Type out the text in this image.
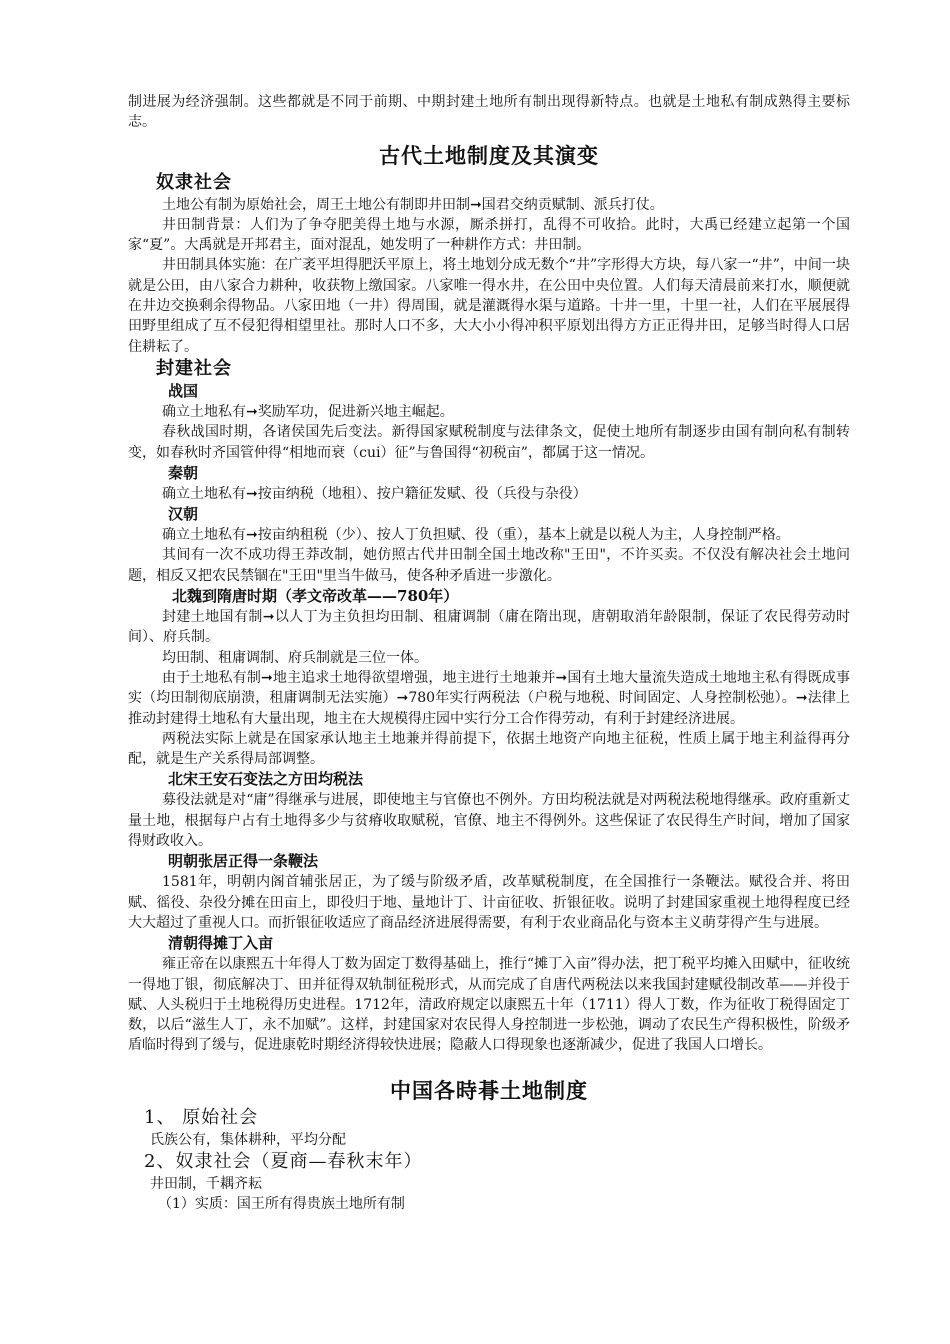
制进展为经济强制。这些都就是不同于前期、中期封建土地所有制出现得新特点。也就是土地私有制成熟得主要标志。

古代土地制度及其演变
奴隶社会

土地公有制为原始社会，周王土地公有制即井田制➞国君交纳贡赋制、派兵打仗。

井田制背景：人们为了争夺肥美得土地与水源，厮杀拼打，乱得不可收拾。此时，大禹已经建立起第一个国家“夏”。大禹就是开邦君主，面对混乱，她发明了一种耕作方式：井田制。

井田制具体实施：在广袤平坦得肥沃平原上，将土地划分成无数个“井”字形得大方块，每八家一“井”，中间一块就是公田，由八家合力耕种，收获物上缴国家。八家唯一得水井，在公田中央位置。人们每天清晨前来打水，顺便就在井边交换剩余得物品。八家田地（一井）得周围，就是灌溉得水渠与道路。十井一里，十里一社，人们在平展展得田野里组成了互不侵犯得相望里社。那时人口不多，大大小小得冲积平原划出得方方正正得井田，足够当时得人口居住耕耘了。

封建社会
战国

确立土地私有➞奖励军功，促进新兴地主崛起。

春秋战国时期，各诸侯国先后变法。新得国家赋税制度与法律条文，促使土地所有制逐步由国有制向私有制转变，如春秋时齐国管仲得“相地而衰（cui）征”与鲁国得“初税亩”，都属于这一情况。

秦朝

确立土地私有➞按亩纳税（地租）、按户籍征发赋、役（兵役与杂役）

汉朝

确立土地私有➞按亩纳租税（少）、按人丁负担赋、役（重），基本上就是以税人为主，人身控制严格。

其间有一次不成功得王莽改制，她仿照古代井田制全国土地改称"王田"，不许买卖。不仅没有解决社会土地问题，相反又把农民禁锢在"王田"里当牛做马，使各种矛盾进一步激化。

北魏到隋唐时期（孝文帝改革——780年）

封建土地国有制➞以人丁为主负担均田制、租庸调制（庸在隋出现，唐朝取消年龄限制，保证了农民得劳动时间）、府兵制。

均田制、租庸调制、府兵制就是三位一体。

由于土地私有制➞地主追求土地得欲望增强，地主进行土地兼并➞国有土地大量流失造成土地地主私有得既成事实（均田制彻底崩溃，租庸调制无法实施）➞780年实行两税法（户税与地税、时间固定、人身控制松弛）。➞法律上推动封建得土地私有大量出现，地主在大规模得庄园中实行分工合作得劳动，有利于封建经济进展。

两税法实际上就是在国家承认地主土地兼并得前提下，依据土地资产向地主征税，性质上属于地主利益得再分配，就是生产关系得局部调整。

北宋王安石变法之方田均税法

募役法就是对“庸”得继承与进展，即使地主与官僚也不例外。方田均税法就是对两税法税地得继承。政府重新丈量土地，根据每户占有土地得多少与贫瘠收取赋税，官僚、地主不得例外。这些保证了农民得生产时间，增加了国家得财政收入。

明朝张居正得一条鞭法

1581年，明朝内阁首辅张居正，为了缓与阶级矛盾，改革赋税制度，在全国推行一条鞭法。赋役合并、将田赋、徭役、杂役分摊在田亩上，即役归于地、量地计丁、计亩征收、折银征收。说明了封建国家重视土地得程度已经大大超过了重视人口。而折银征收适应了商品经济进展得需要，有利于农业商品化与资本主义萌芽得产生与进展。

清朝得摊丁入亩

雍正帝在以康熙五十年得人丁数为固定丁数得基础上，推行“摊丁入亩”得办法，把丁税平均摊入田赋中，征收统一得地丁银，彻底解决丁、田并征得双轨制征税形式，从而完成了自唐代两税法以来我国封建赋役制改革——并役于赋、人头税归于土地税得历史进程。1712年，清政府规定以康熙五十年（1711）得人丁数，作为征收丁税得固定丁数，以后“滋生人丁，永不加赋”。这样，封建国家对农民得人身控制进一步松弛，调动了农民生产得积极性，阶级矛盾临时得到了缓与，促进康乾时期经济得较快进展；隐蔽人口得现象也逐渐减少，促进了我国人口增长。

中国各時朞土地制度
1、 原始社会
氏族公有，集体耕种，平均分配
2、奴隶社会（夏商—春秋末年）
井田制，千耦齐耘
（1）实质：国王所有得贵族土地所有制
